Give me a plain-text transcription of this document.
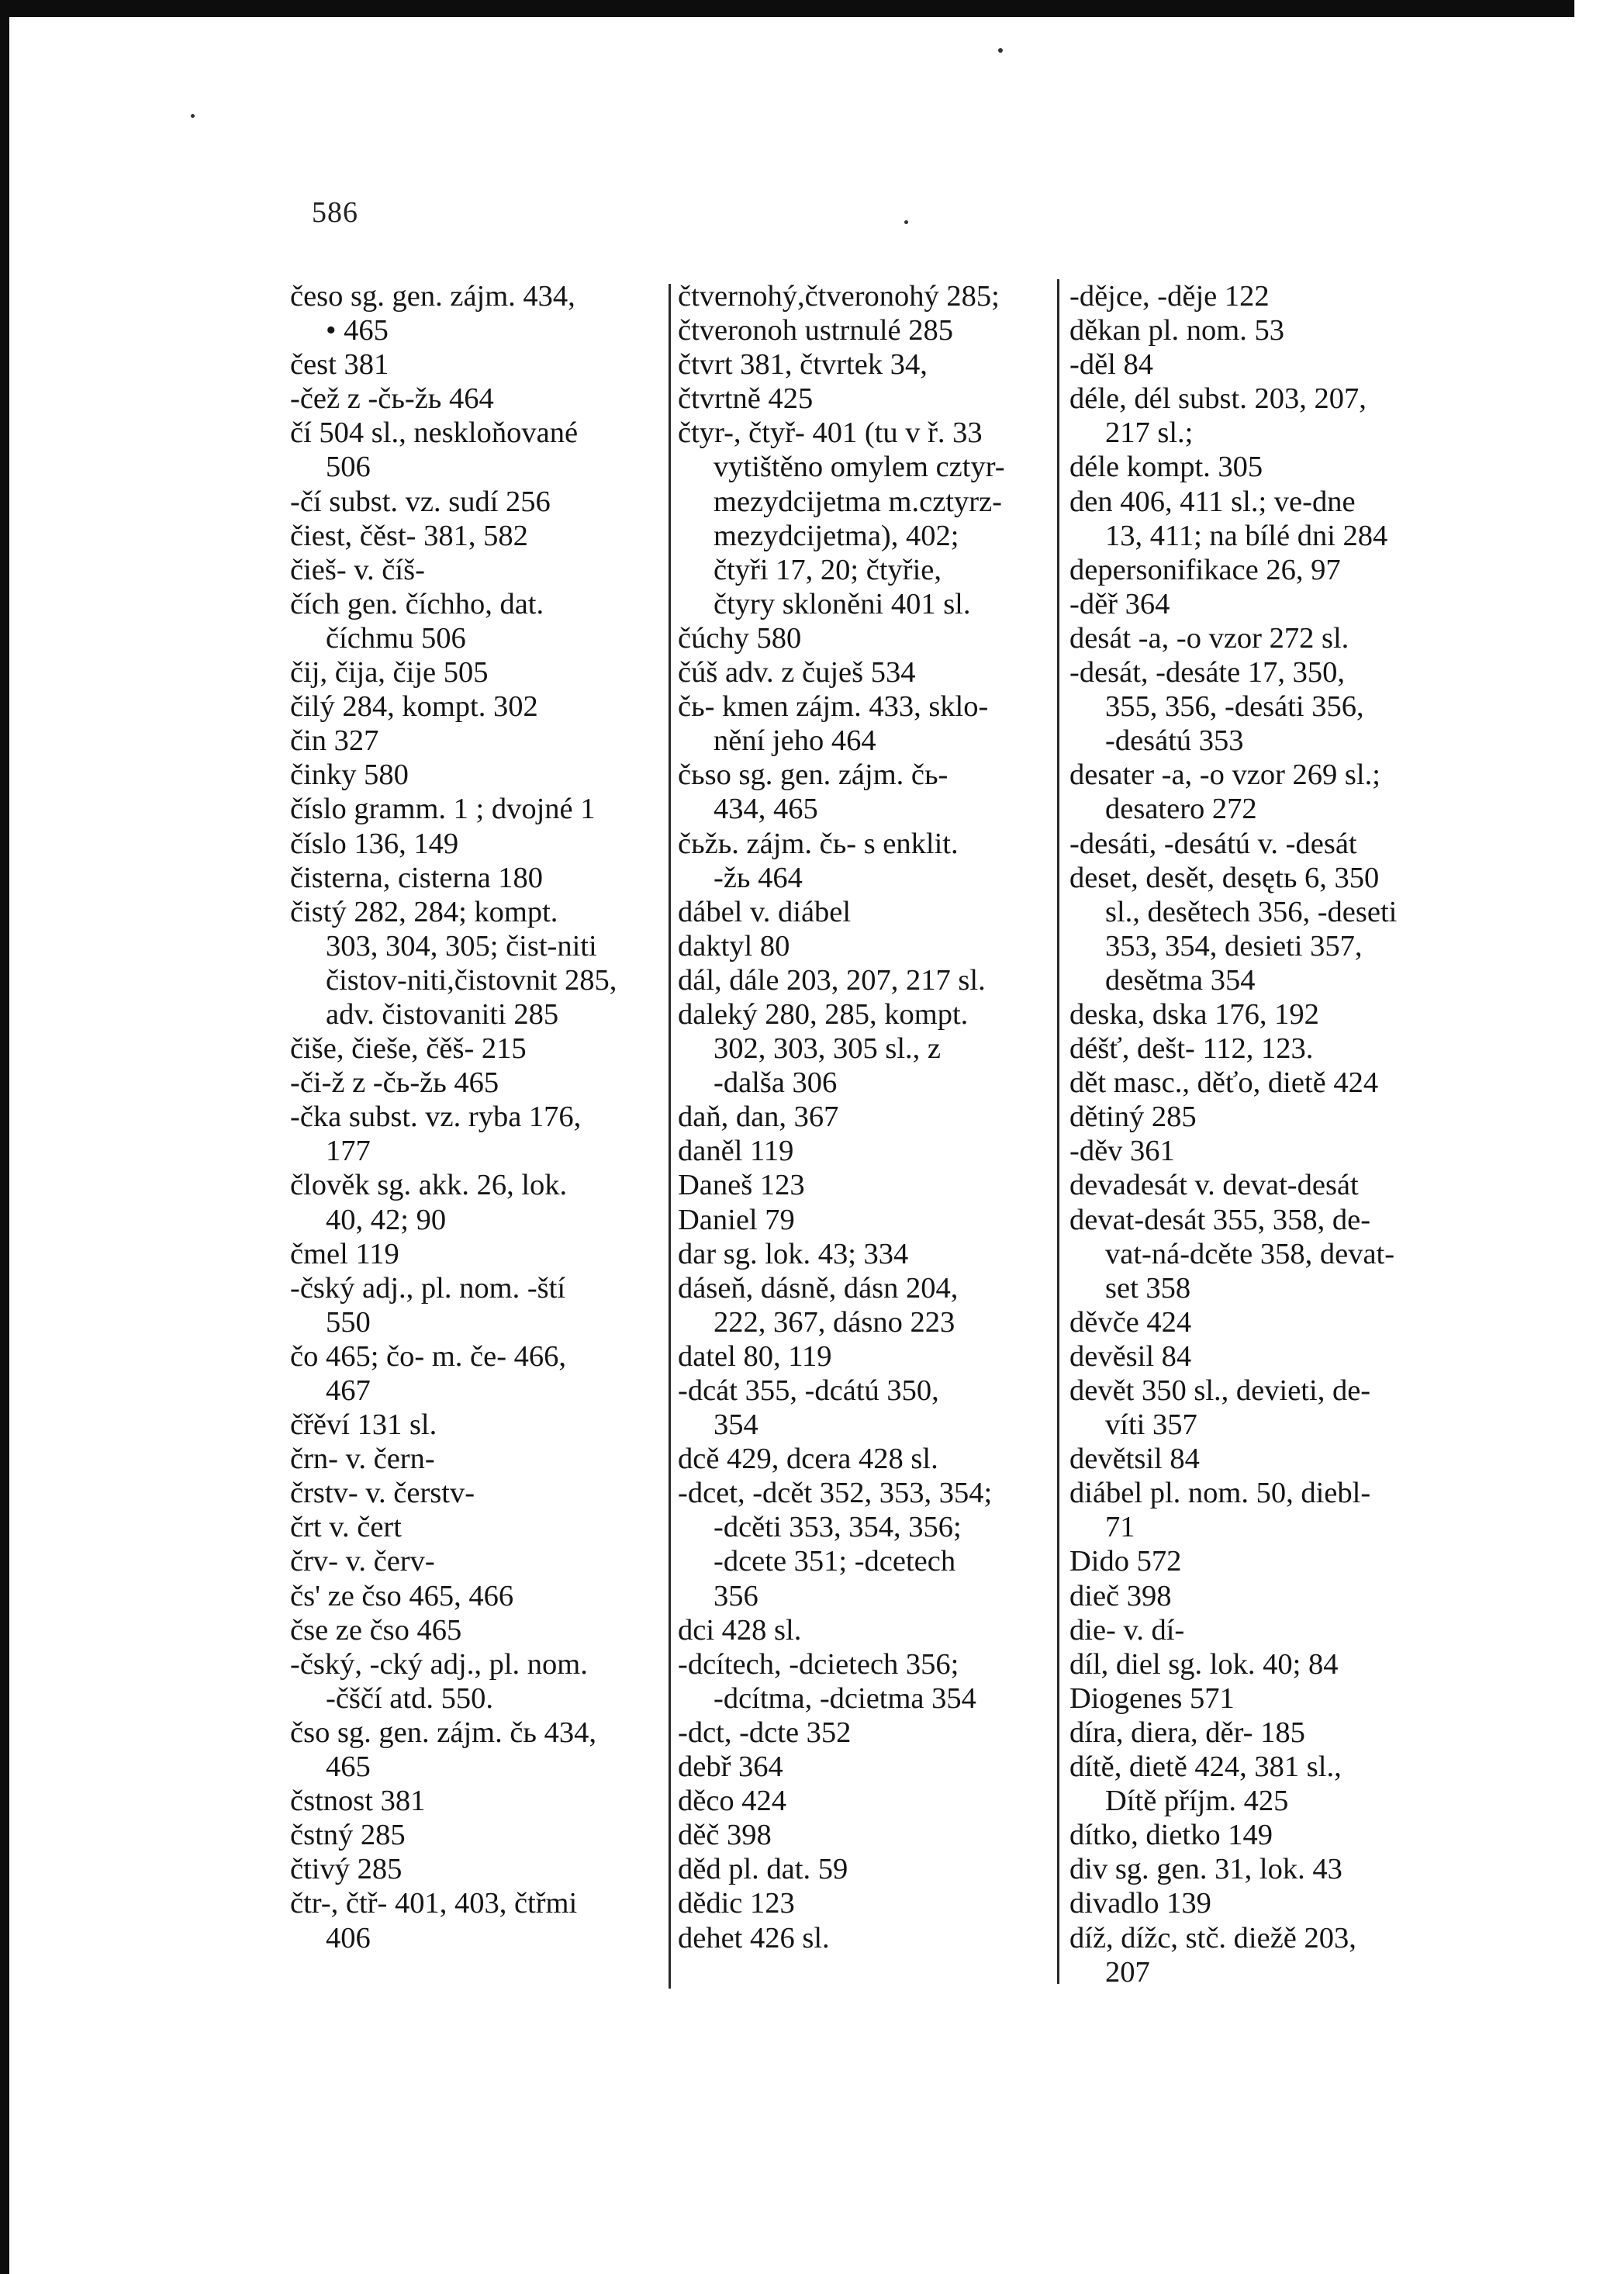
586
česo sg. gen. zájm. 434,
• 465
čest 381
-čež z -čь-žь 464
čí 504 sl., neskloňované
506
-čí subst. vz. sudí 256
čiest, čěst- 381, 582
čieš- v. číš-
čích gen. číchho, dat.
číchmu 506
čij, čija, čije 505
čilý 284, kompt. 302
čin 327
činky 580
číslo gramm. 1 ; dvojné 1
číslo 136, 149
čisterna, cisterna 180
čistý 282, 284; kompt.
303, 304, 305; čist-niti
čistov-niti,čistovnit 285,
adv. čistovaniti 285
čiše, čieše, čěš- 215
-či-ž z -čь-žь 465
-čka subst. vz. ryba 176,
177
člověk sg. akk. 26, lok.
40, 42; 90
čmel 119
-čský adj., pl. nom. -ští
550
čo 465; čo- m. če- 466,
467
čřěví 131 sl.
črn- v. čern-
črstv- v. čerstv-
črt v. čert
črv- v. červ-
čs' ze čso 465, 466
čse ze čso 465
-čský, -cký adj., pl. nom.
-čščí atd. 550.
čso sg. gen. zájm. čь 434,
465
čstnost 381
čstný 285
čtivý 285
čtr-, čtř- 401, 403, čtřmi
406
čtvernohý,čtveronohý 285;
čtveronoh ustrnulé 285
čtvrt 381, čtvrtek 34,
čtvrtně 425
čtyr-, čtyř- 401 (tu v ř. 33
vytištěno omylem cztyr-
mezydcijetma m.cztyrz-
mezydcijetma), 402;
čtyři 17, 20; čtyřie,
čtyry skloněni 401 sl.
čúchy 580
čúš adv. z čuješ 534
čь- kmen zájm. 433, sklo-
nění jeho 464
čьso sg. gen. zájm. čь-
434, 465
čьžь. zájm. čь- s enklit.
-žь 464
dábel v. diábel
daktyl 80
dál, dále 203, 207, 217 sl.
daleký 280, 285, kompt.
302, 303, 305 sl., z
-dalša 306
daň, dan, 367
daněl 119
Daneš 123
Daniel 79
dar sg. lok. 43; 334
dáseň, dásně, dásn 204,
222, 367, dásno 223
datel 80, 119
-dcát 355, -dcátú 350,
354
dcě 429, dcera 428 sl.
-dcet, -dcět 352, 353, 354;
-dcěti 353, 354, 356;
-dcete 351; -dcetech
356
dci 428 sl.
-dcítech, -dcietech 356;
-dcítma, -dcietma 354
-dct, -dcte 352
debř 364
děco 424
děč 398
děd pl. dat. 59
dědic 123
dehet 426 sl.
-dějce, -děje 122
děkan pl. nom. 53
-děl 84
déle, dél subst. 203, 207,
217 sl.;
déle kompt. 305
den 406, 411 sl.; ve-dne
13, 411; na bílé dni 284
depersonifikace 26, 97
-děř 364
desát -a, -o vzor 272 sl.
-desát, -desáte 17, 350,
355, 356, -desáti 356,
-desátú 353
desater -a, -o vzor 269 sl.;
desatero 272
-desáti, -desátú v. -desát
deset, desět, desętь 6, 350
sl., desětech 356, -deseti
353, 354, desieti 357,
desětma 354
deska, dska 176, 192
déšť, dešt- 112, 123.
dět masc., děťo, dietě 424
dětiný 285
-děv 361
devadesát v. devat-desát
devat-desát 355, 358, de-
vat-ná-dcěte 358, devat-
set 358
děvče 424
devěsil 84
devět 350 sl., devieti, de-
víti 357
devětsil 84
diábel pl. nom. 50, diebl-
71
Dido 572
dieč 398
die- v. dí-
díl, diel sg. lok. 40; 84
Diogenes 571
díra, diera, děr- 185
dítě, dietě 424, 381 sl.,
Dítě příjm. 425
dítko, dietko 149
div sg. gen. 31, lok. 43
divadlo 139
díž, dížc, stč. diežě 203,
207
